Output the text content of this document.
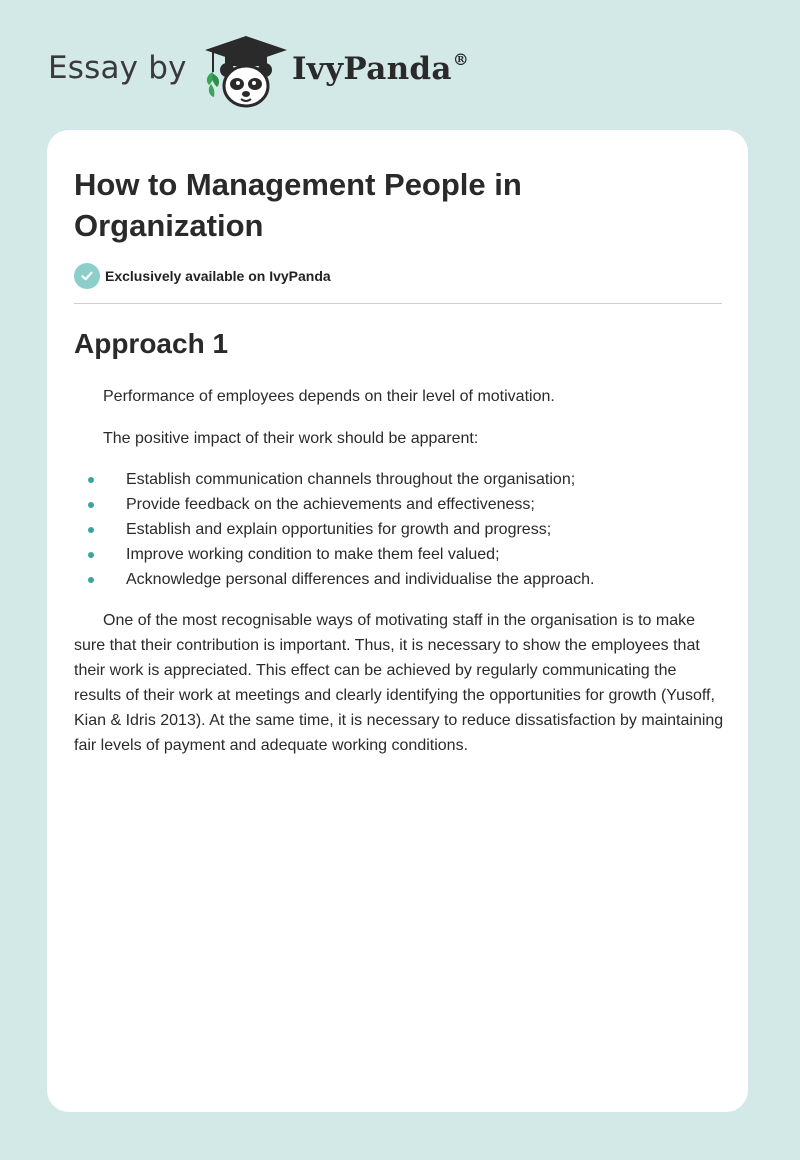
Essay by	IvyPanda®
How to Management People in Organization
Exclusively available on IvyPanda
Approach 1

Performance of employees depends on their level of motivation.

The positive impact of their work should be apparent:

Establish communication channels throughout the organisation;
Provide feedback on the achievements and effectiveness;
Establish and explain opportunities for growth and progress;
Improve working condition to make them feel valued;
Acknowledge personal differences and individualise the approach.

One of the most recognisable ways of motivating staff in the organisation is to make sure that their contribution is important. Thus, it is necessary to show the employees that their work is appreciated. This effect can be achieved by regularly communicating the results of their work at meetings and clearly identifying the opportunities for growth (Yusoff, Kian & Idris 2013). At the same time, it is necessary to reduce dissatisfaction by maintaining fair levels of payment and adequate working conditions.
